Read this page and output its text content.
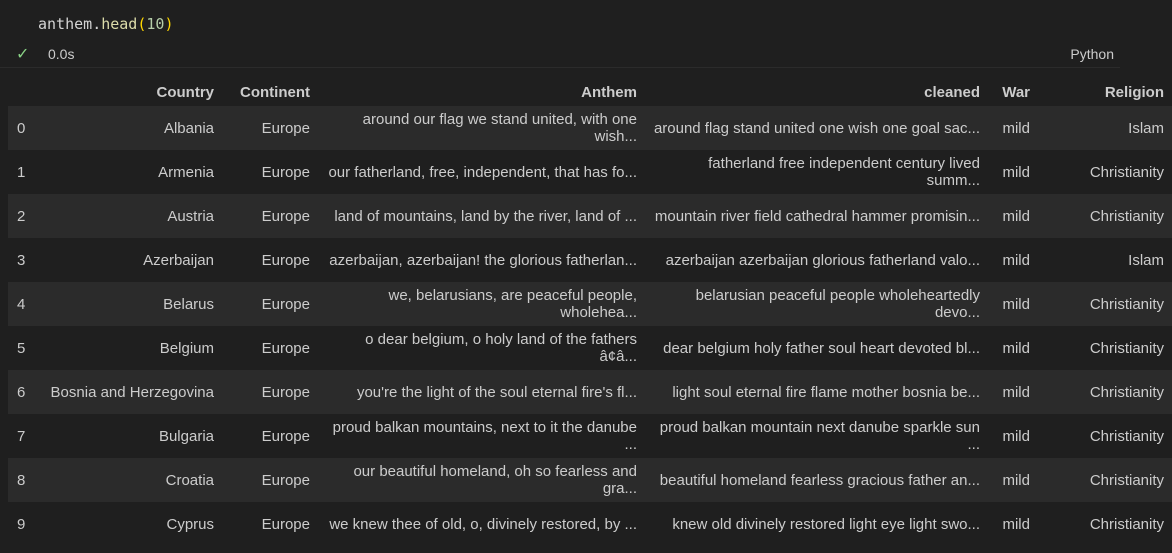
anthem.head(10)
✓ 0.0s	Python
	Country	Continent	Anthem	cleaned	War	Religion
0	Albania	Europe	around our flag we stand united, with one wish...	around flag stand united one wish one goal sac...	mild	Islam
1	Armenia	Europe	our fatherland, free, independent, that has fo...	fatherland free independent century lived summ...	mild	Christianity
2	Austria	Europe	land of mountains, land by the river, land of ...	mountain river field cathedral hammer promisin...	mild	Christianity
3	Azerbaijan	Europe	azerbaijan, azerbaijan! the glorious fatherlan...	azerbaijan azerbaijan glorious fatherland valo...	mild	Islam
4	Belarus	Europe	we, belarusians, are peaceful people, wholehea...	belarusian peaceful people wholeheartedly devo...	mild	Christianity
5	Belgium	Europe	o dear belgium, o holy land of the fathers â¢â...	dear belgium holy father soul heart devoted bl...	mild	Christianity
6	Bosnia and Herzegovina	Europe	you're the light of the soul eternal fire's fl...	light soul eternal fire flame mother bosnia be...	mild	Christianity
7	Bulgaria	Europe	proud balkan mountains, next to it the danube ...	proud balkan mountain next danube sparkle sun ...	mild	Christianity
8	Croatia	Europe	our beautiful homeland, oh so fearless and gra...	beautiful homeland fearless gracious father an...	mild	Christianity
9	Cyprus	Europe	we knew thee of old, o, divinely restored, by ...	knew old divinely restored light eye light swo...	mild	Christianity
